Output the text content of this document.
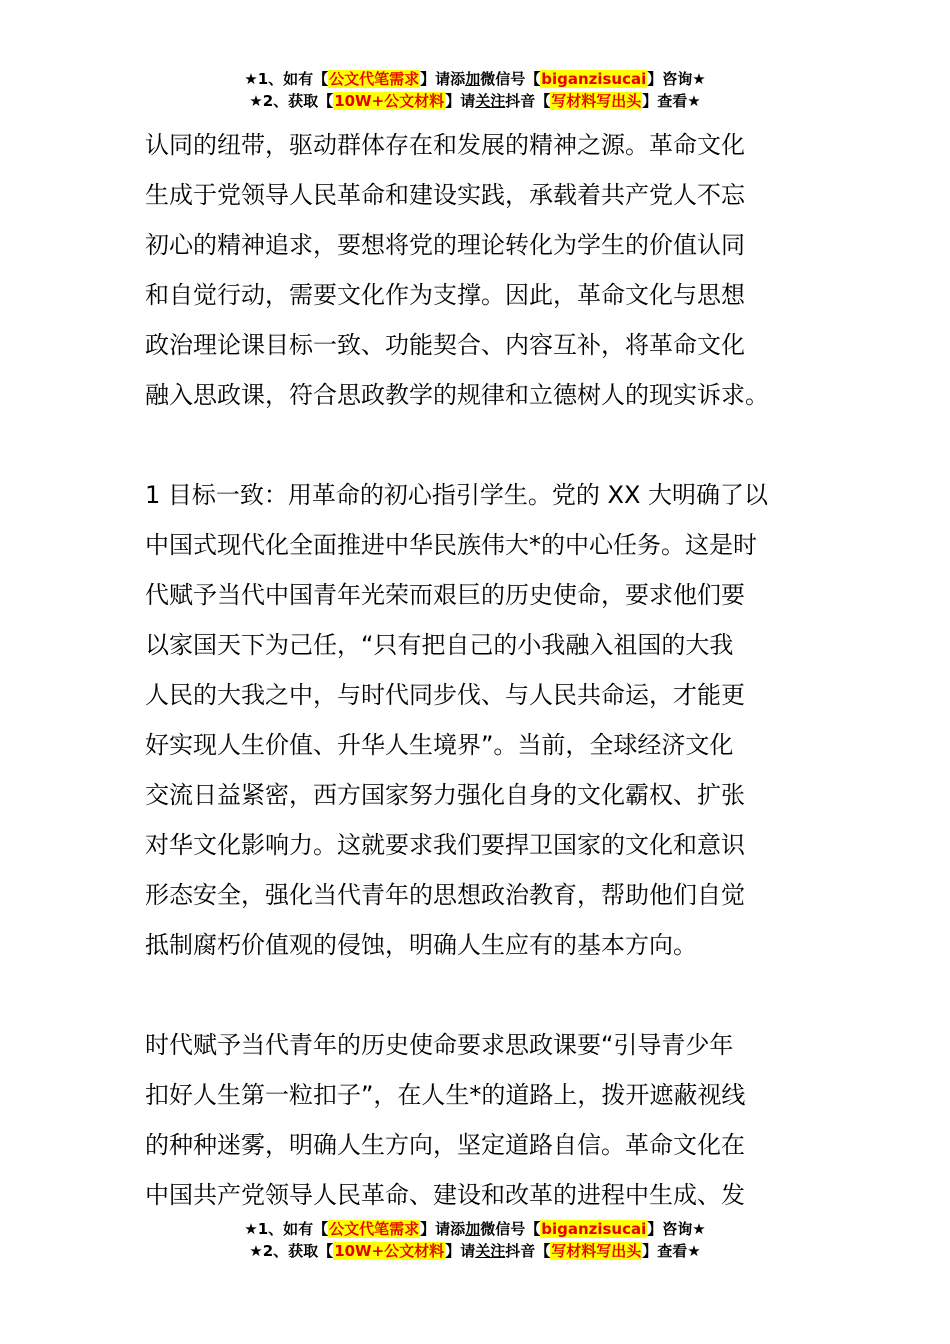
★1、如有【公文代笔需求】请添加微信号【biganzisucai】咨询★
★2、获取【10W+公文材料】请关注抖音【写材料写出头】查看★
认同的纽带，驱动群体存在和发展的精神之源。革命文化
生成于党领导人民革命和建设实践，承载着共产党人不忘
初心的精神追求，要想将党的理论转化为学生的价值认同
和自觉行动，需要文化作为支撑。因此，革命文化与思想
政治理论课目标一致、功能契合、内容互补，将革命文化
融入思政课，符合思政教学的规律和立德树人的现实诉求。
1 目标一致：用革命的初心指引学生。党的 XX 大明确了以
中国式现代化全面推进中华民族伟大*的中心任务。这是时
代赋予当代中国青年光荣而艰巨的历史使命，要求他们要
以家国天下为己任，“只有把自己的小我融入祖国的大我
人民的大我之中，与时代同步伐、与人民共命运，才能更
好实现人生价值、升华人生境界”。当前，全球经济文化
交流日益紧密，西方国家努力强化自身的文化霸权、扩张
对华文化影响力。这就要求我们要捍卫国家的文化和意识
形态安全，强化当代青年的思想政治教育，帮助他们自觉
抵制腐朽价值观的侵蚀，明确人生应有的基本方向。
时代赋予当代青年的历史使命要求思政课要“引导青少年
扣好人生第一粒扣子”，在人生*的道路上，拨开遮蔽视线
的种种迷雾，明确人生方向，坚定道路自信。革命文化在
中国共产党领导人民革命、建设和改革的进程中生成、发
★1、如有【公文代笔需求】请添加微信号【biganzisucai】咨询★
★2、获取【10W+公文材料】请关注抖音【写材料写出头】查看★
